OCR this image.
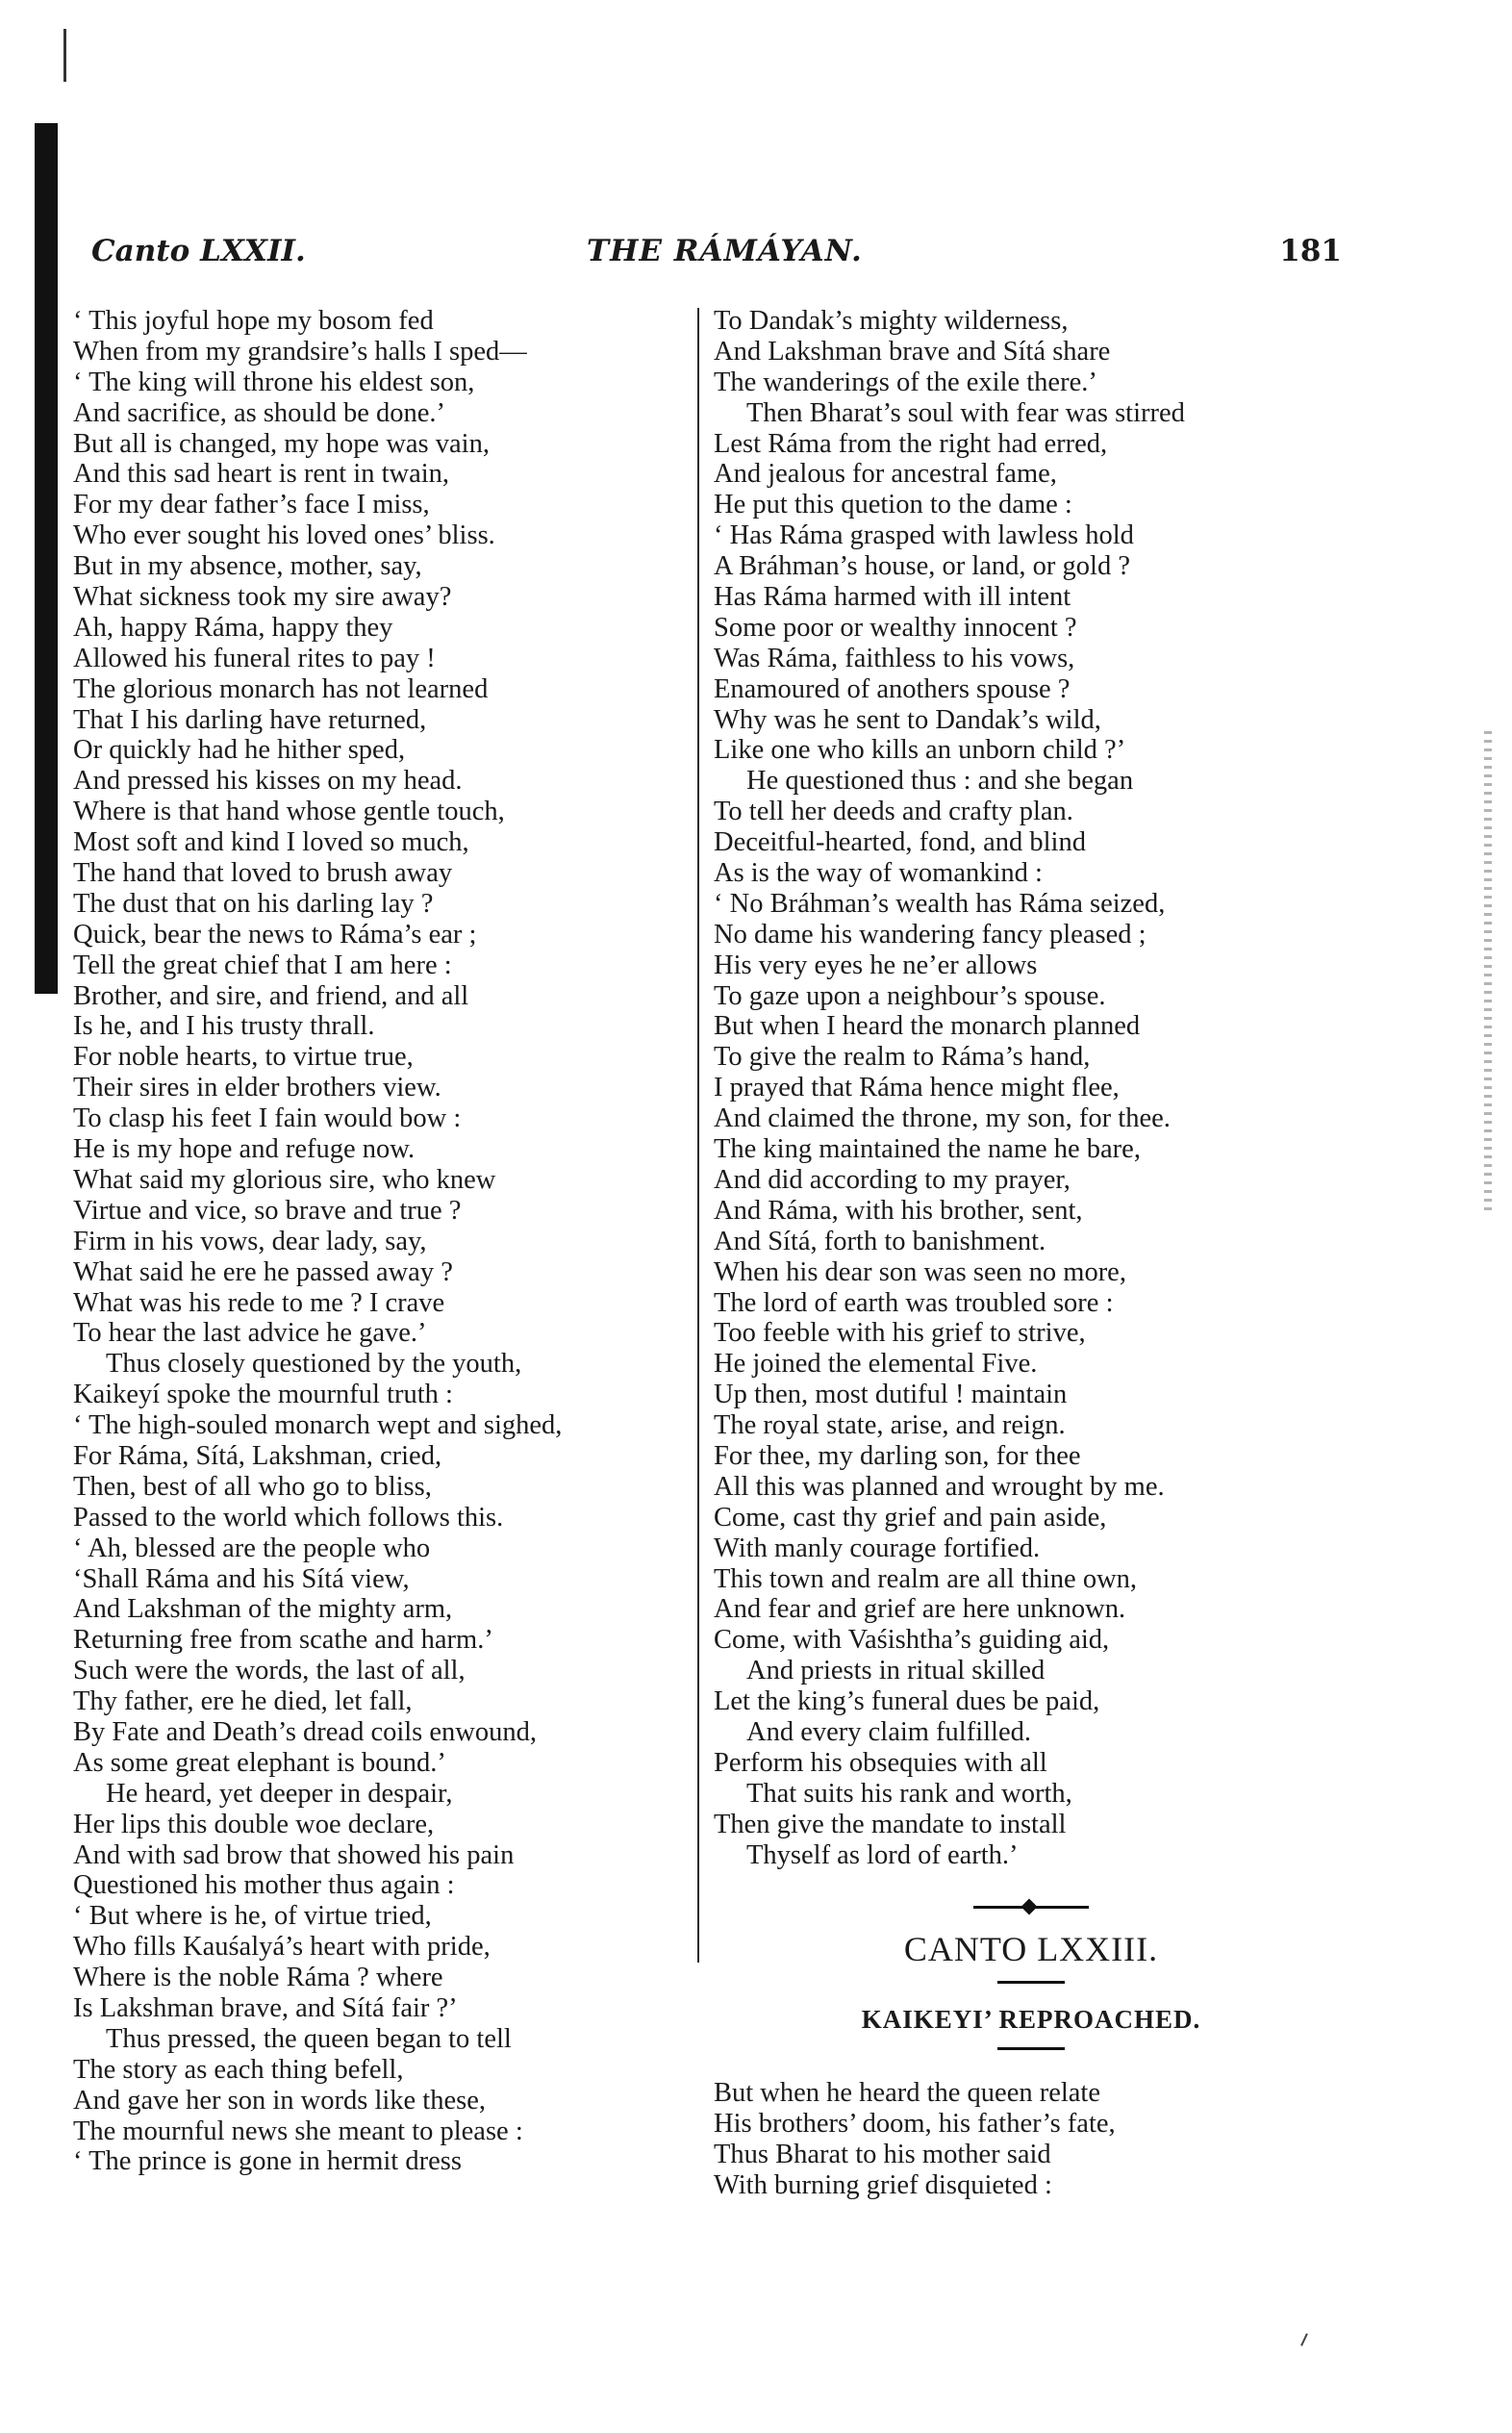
Canto LXXII.	THE RÁMÁYAN.	181
‘ This joyful hope my bosom fed
When from my grandsire’s halls I sped—
‘ The king will throne his eldest son,
And sacrifice, as should be done.’
But all is changed, my hope was vain,
And this sad heart is rent in twain,
For my dear father’s face I miss,
Who ever sought his loved ones’ bliss.
But in my absence, mother, say,
What sickness took my sire away?
Ah, happy Ráma, happy they
Allowed his funeral rites to pay !
The glorious monarch has not learned
That I his darling have returned,
Or quickly had he hither sped,
And pressed his kisses on my head.
Where is that hand whose gentle touch,
Most soft and kind I loved so much,
The hand that loved to brush away
The dust that on his darling lay ?
Quick, bear the news to Ráma’s ear ;
Tell the great chief that I am here :
Brother, and sire, and friend, and all
Is he, and I his trusty thrall.
For noble hearts, to virtue true,
Their sires in elder brothers view.
To clasp his feet I fain would bow :
He is my hope and refuge now.
What said my glorious sire, who knew
Virtue and vice, so brave and true ?
Firm in his vows, dear lady, say,
What said he ere he passed away ?
What was his rede to me ? I crave
To hear the last advice he gave.’
Thus closely questioned by the youth,
Kaikeyí spoke the mournful truth :
‘ The high-souled monarch wept and sighed,
For Ráma, Sítá, Lakshman, cried,
Then, best of all who go to bliss,
Passed to the world which follows this.
‘ Ah, blessed are the people who
‘Shall Ráma and his Sítá view,
And Lakshman of the mighty arm,
Returning free from scathe and harm.’
Such were the words, the last of all,
Thy father, ere he died, let fall,
By Fate and Death’s dread coils enwound,
As some great elephant is bound.’
He heard, yet deeper in despair,
Her lips this double woe declare,
And with sad brow that showed his pain
Questioned his mother thus again :
‘ But where is he, of virtue tried,
Who fills Kauśalyá’s heart with pride,
Where is the noble Ráma ? where
Is Lakshman brave, and Sítá fair ?’
Thus pressed, the queen began to tell
The story as each thing befell,
And gave her son in words like these,
The mournful news she meant to please :
‘ The prince is gone in hermit dress
To Dandak’s mighty wilderness,
And Lakshman brave and Sítá share
The wanderings of the exile there.’
Then Bharat’s soul with fear was stirred
Lest Ráma from the right had erred,
And jealous for ancestral fame,
He put this quetion to the dame :
‘ Has Ráma grasped with lawless hold
A Bráhman’s house, or land, or gold ?
Has Ráma harmed with ill intent
Some poor or wealthy innocent ?
Was Ráma, faithless to his vows,
Enamoured of anothers spouse ?
Why was he sent to Dandak’s wild,
Like one who kills an unborn child ?’
He questioned thus : and she began
To tell her deeds and crafty plan.
Deceitful-hearted, fond, and blind
As is the way of womankind :
‘ No Bráhman’s wealth has Ráma seized,
No dame his wandering fancy pleased ;
His very eyes he ne’er allows
To gaze upon a neighbour’s spouse.
But when I heard the monarch planned
To give the realm to Ráma’s hand,
I prayed that Ráma hence might flee,
And claimed the throne, my son, for thee.
The king maintained the name he bare,
And did according to my prayer,
And Ráma, with his brother, sent,
And Sítá, forth to banishment.
When his dear son was seen no more,
The lord of earth was troubled sore :
Too feeble with his grief to strive,
He joined the elemental Five.
Up then, most dutiful ! maintain
The royal state, arise, and reign.
For thee, my darling son, for thee
All this was planned and wrought by me.
Come, cast thy grief and pain aside,
With manly courage fortified.
This town and realm are all thine own,
And fear and grief are here unknown.
Come, with Vaśishtha’s guiding aid,
And priests in ritual skilled
Let the king’s funeral dues be paid,
And every claim fulfilled.
Perform his obsequies with all
That suits his rank and worth,
Then give the mandate to install
Thyself as lord of earth.’
CANTO LXXIII.
KAIKEYI’ REPROACHED.
But when he heard the queen relate
His brothers’ doom, his father’s fate,
Thus Bharat to his mother said
With burning grief disquieted :
